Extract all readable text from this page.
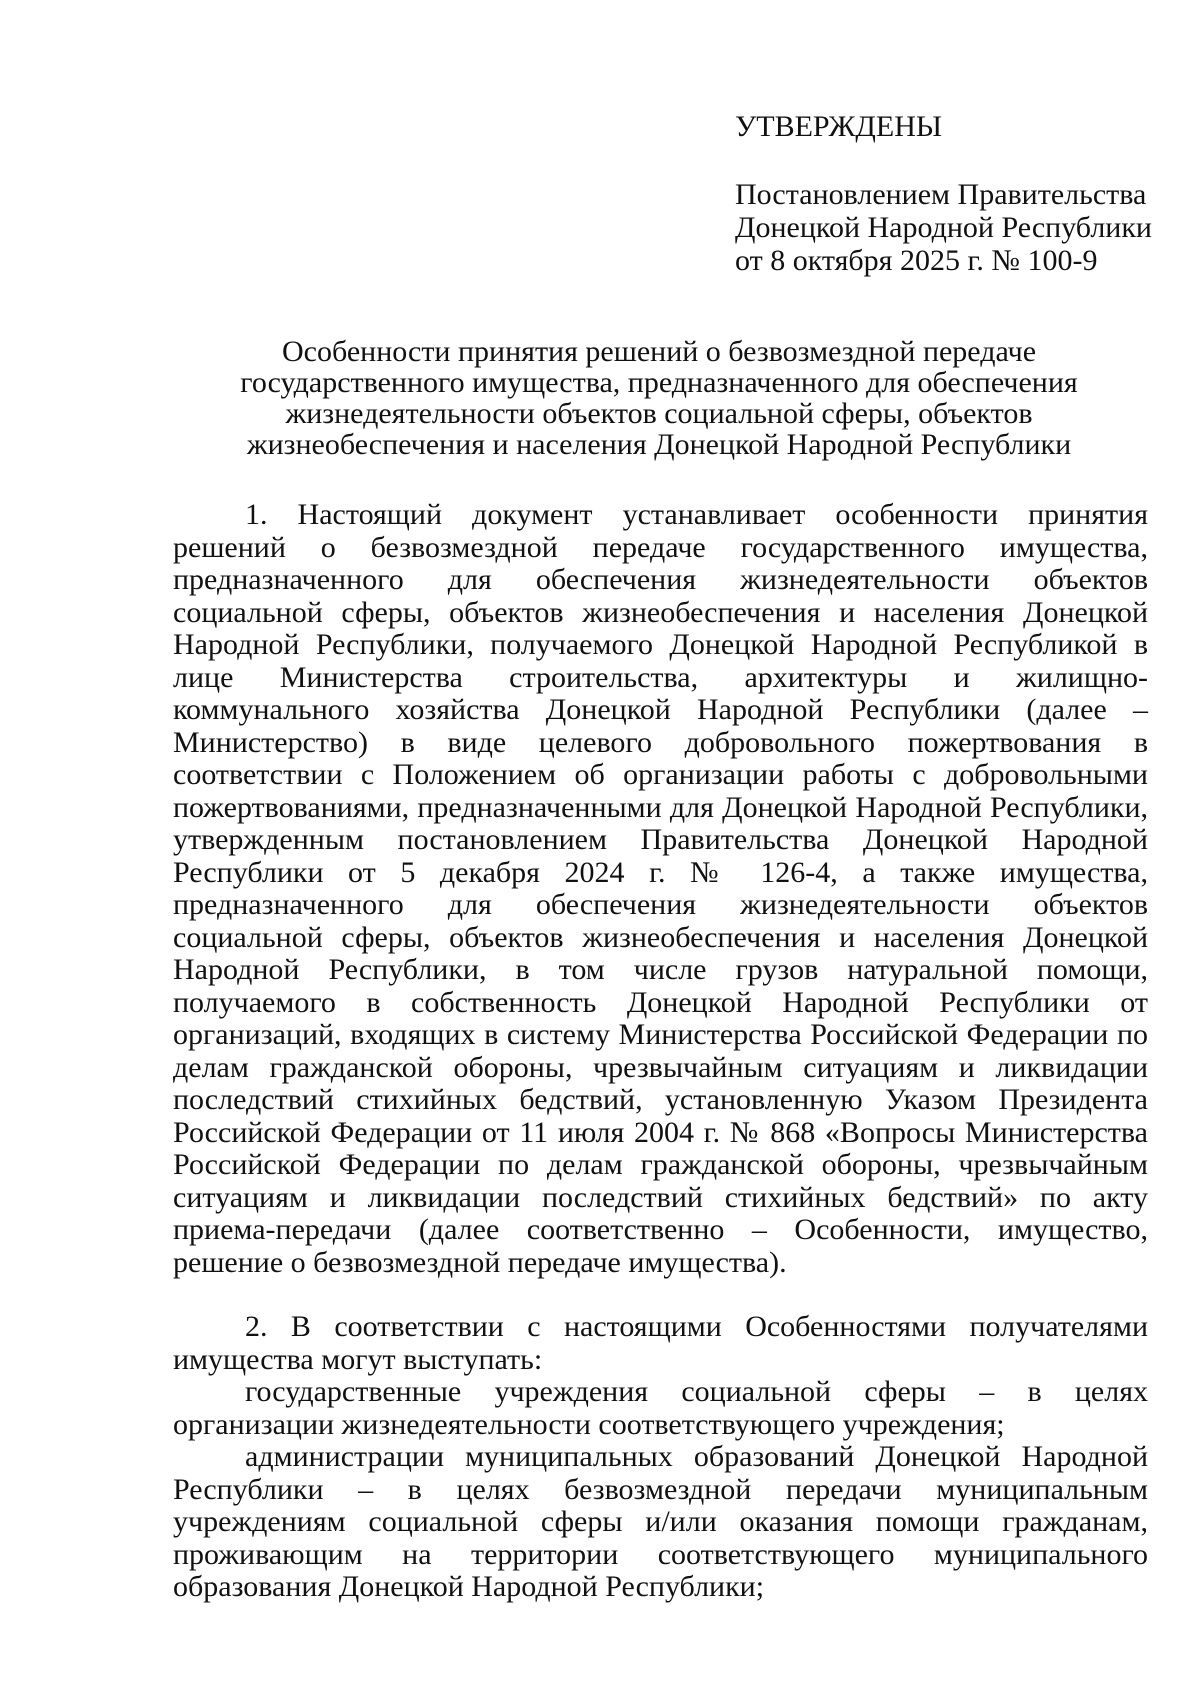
УТВЕРЖДЕНЫ
Постановлением Правительства
Донецкой Народной Республики
от 8 октября 2025 г. № 100-9
Особенности принятия решений о безвозмездной передаче
государственного имущества, предназначенного для обеспечения
жизнедеятельности объектов социальной сферы, объектов
жизнеобеспечения и населения Донецкой Народной Республики

1. Настоящий документ устанавливает особенности принятия решений о безвозмездной передаче государственного имущества, предназначенного для обеспечения жизнедеятельности объектов социальной сферы, объектов жизнеобеспечения и населения Донецкой Народной Республики, получаемого Донецкой Народной Республикой в лице Министерства строительства, архитектуры и жилищно-коммунального хозяйства Донецкой Народной Республики (далее – Министерство) в виде целевого добровольного пожертвования в соответствии с Положением об организации работы с добровольными пожертвованиями, предназначенными для Донецкой Народной Республики, утвержденным постановлением Правительства Донецкой Народной Республики от 5 декабря 2024 г. № 126-4, а также имущества, предназначенного для обеспечения жизнедеятельности объектов социальной сферы, объектов жизнеобеспечения и населения Донецкой Народной Республики, в том числе грузов натуральной помощи, получаемого в собственность Донецкой Народной Республики от организаций, входящих в систему Министерства Российской Федерации по делам гражданской обороны, чрезвычайным ситуациям и ликвидации последствий стихийных бедствий, установленную Указом Президента Российской Федерации от 11 июля 2004 г. № 868 «Вопросы Министерства Российской Федерации по делам гражданской обороны, чрезвычайным ситуациям и ликвидации последствий стихийных бедствий» по акту приема-передачи (далее соответственно – Особенности, имущество, решение о безвозмездной передаче имущества).

2. В соответствии с настоящими Особенностями получателями имущества могут выступать:

государственные учреждения социальной сферы – в целях организации жизнедеятельности соответствующего учреждения;

администрации муниципальных образований Донецкой Народной Республики – в целях безвозмездной передачи муниципальным учреждениям социальной сферы и/или оказания помощи гражданам, проживающим на территории соответствующего муниципального образования Донецкой Народной Республики;
